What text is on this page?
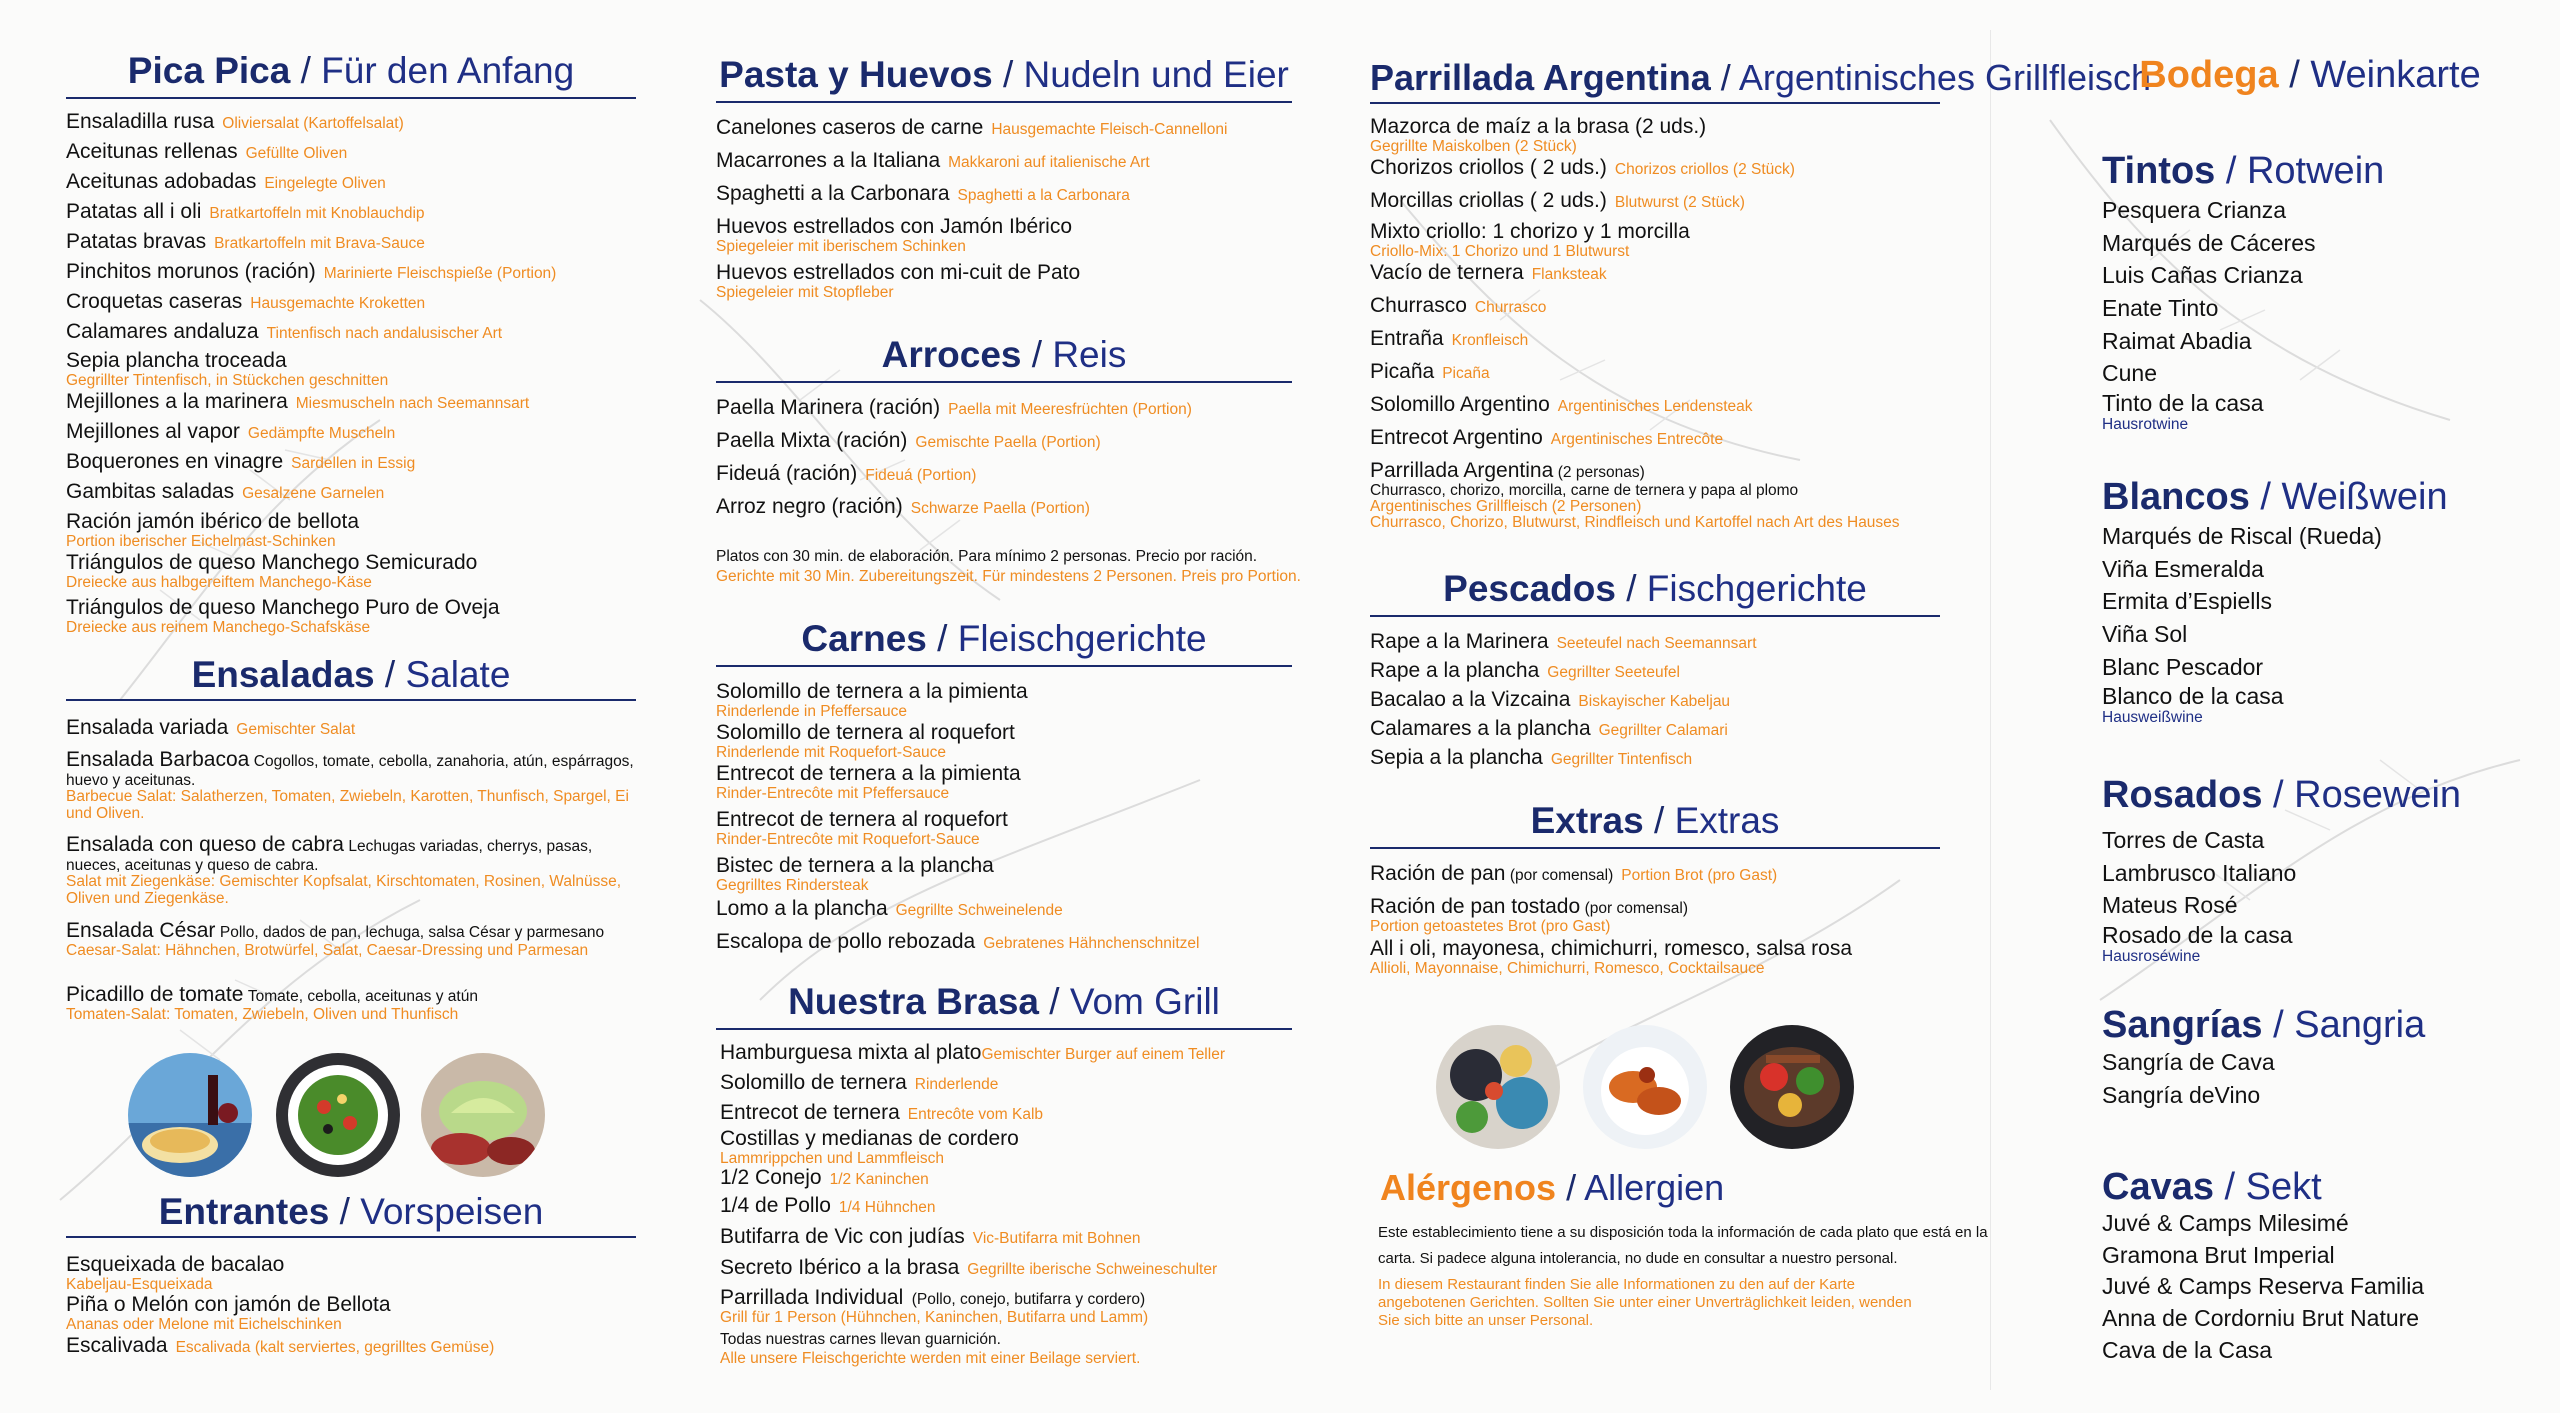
Pica Pica / Für den Anfang
Ensaladilla rusa Oliviersalat (Kartoffelsalat)
Aceitunas rellenas Gefüllte Oliven
Aceitunas adobadas Eingelegte Oliven
Patatas all i oli Bratkartoffeln mit Knoblauchdip
Patatas bravas Bratkartoffeln mit Brava-Sauce
Pinchitos morunos (ración) Marinierte Fleischspieße (Portion)
Croquetas caseras Hausgemachte Kroketten
Calamares andaluza Tintenfisch nach andalusischer Art
Sepia plancha troceada
Gegrillter Tintenfisch, in Stückchen geschnitten
Mejillones a la marinera Miesmuscheln nach Seemannsart
Mejillones al vapor Gedämpfte Muscheln
Boquerones en vinagre Sardellen in Essig
Gambitas saladas Gesalzene Garnelen
Ración jamón ibérico de bellota
Portion iberischer Eichelmast-Schinken
Triángulos de queso Manchego Semicurado
Dreiecke aus halbgereiftem Manchego-Käse
Triángulos de queso Manchego Puro de Oveja
Dreiecke aus reinem Manchego-Schafskäse
Ensaladas / Salate
Ensalada variada Gemischter Salat
Ensalada Barbacoa Cogollos, tomate, cebolla, zanahoria, atún, espárragos, huevo y aceitunas.
Barbecue Salat: Salatherzen, Tomaten, Zwiebeln, Karotten, Thunfisch, Spargel, Ei und Oliven.
Ensalada con queso de cabra Lechugas variadas, cherrys, pasas, nueces, aceitunas y queso de cabra.
Salat mit Ziegenkäse: Gemischter Kopfsalat, Kirschtomaten, Rosinen, Walnüsse, Oliven und Ziegenkäse.
Ensalada César Pollo, dados de pan, lechuga, salsa César y parmesano
Caesar-Salat: Hähnchen, Brotwürfel, Salat, Caesar-Dressing und Parmesan
Picadillo de tomate Tomate, cebolla, aceitunas y atún
Tomaten-Salat: Tomaten, Zwiebeln, Oliven und Thunfisch
Entrantes / Vorspeisen
Esqueixada de bacalao
Kabeljau-Esqueixada
Piña o Melón con jamón de Bellota
Ananas oder Melone mit Eichelschinken
Escalivada Escalivada (kalt serviertes, gegrilltes Gemüse)
Pasta y Huevos / Nudeln und Eier
Canelones caseros de carne Hausgemachte Fleisch-Cannelloni
Macarrones a la Italiana Makkaroni auf italienische Art
Spaghetti a la Carbonara Spaghetti a la Carbonara
Huevos estrellados con Jamón Ibérico
Spiegeleier mit iberischem Schinken
Huevos estrellados con mi-cuit de Pato
Spiegeleier mit Stopfleber
Arroces / Reis
Paella Marinera (ración) Paella mit Meeresfrüchten (Portion)
Paella Mixta (ración) Gemischte Paella (Portion)
Fideuá (ración) Fideuá (Portion)
Arroz negro (ración) Schwarze Paella (Portion)
Platos con 30 min. de elaboración. Para mínimo 2 personas. Precio por ración.
Gerichte mit 30 Min. Zubereitungszeit. Für mindestens 2 Personen. Preis pro Portion.
Carnes / Fleischgerichte
Solomillo de ternera a la pimienta
Rinderlende in Pfeffersauce
Solomillo de ternera al roquefort
Rinderlende mit Roquefort-Sauce
Entrecot de ternera a la pimienta
Rinder-Entrecôte mit Pfeffersauce
Entrecot de ternera al roquefort
Rinder-Entrecôte mit Roquefort-Sauce
Bistec de ternera a la plancha
Gegrilltes Rindersteak
Lomo a la plancha Gegrillte Schweinelende
Escalopa de pollo rebozada Gebratenes Hähnchenschnitzel
Nuestra Brasa / Vom Grill
Hamburguesa mixta al platoGemischter Burger auf einem Teller
Solomillo de ternera Rinderlende
Entrecot de ternera Entrecôte vom Kalb
Costillas y medianas de cordero
Lammrippchen und Lammfleisch
1/2 Conejo 1/2 Kaninchen
1/4 de Pollo 1/4 Hühnchen
Butifarra de Vic con judías Vic-Butifarra mit Bohnen
Secreto Ibérico a la brasa Gegrillte iberische Schweineschulter
Parrillada Individual (Pollo, conejo, butifarra y cordero)
Grill für 1 Person (Hühnchen, Kaninchen, Butifarra und Lamm)
Todas nuestras carnes llevan guarnición.
Alle unsere Fleischgerichte werden mit einer Beilage serviert.
Parrillada Argentina / Argentinisches Grillfleisch
Mazorca de maíz a la brasa (2 uds.)
Gegrillte Maiskolben (2 Stück)
Chorizos criollos ( 2 uds.) Chorizos criollos (2 Stück)
Morcillas criollas ( 2 uds.) Blutwurst (2 Stück)
Mixto criollo: 1 chorizo y 1 morcilla
Criollo-Mix: 1 Chorizo und 1 Blutwurst
Vacío de ternera Flanksteak
Churrasco Churrasco
Entraña Kronfleisch
Picaña Picaña
Solomillo Argentino Argentinisches Lendensteak
Entrecot Argentino Argentinisches Entrecôte
Parrillada Argentina (2 personas)
Churrasco, chorizo, morcilla, carne de ternera y papa al plomo
Argentinisches Grillfleisch (2 Personen)
Churrasco, Chorizo, Blutwurst, Rindfleisch und Kartoffel nach Art des Hauses
Pescados / Fischgerichte
Rape a la Marinera Seeteufel nach Seemannsart
Rape a la plancha Gegrillter Seeteufel
Bacalao a la Vizcaina Biskayischer Kabeljau
Calamares a la plancha Gegrillter Calamari
Sepia a la plancha Gegrillter Tintenfisch
Extras / Extras
Ración de pan (por comensal) Portion Brot (pro Gast)
Ración de pan tostado (por comensal)
Portion getoastetes Brot (pro Gast)
All i oli, mayonesa, chimichurri, romesco, salsa rosa
Allioli, Mayonnaise, Chimichurri, Romesco, Cocktailsauce
Alérgenos / Allergien
Este establecimiento tiene a su disposición toda la información de cada plato que está en la carta. Si padece alguna intolerancia, no dude en consultar a nuestro personal.
In diesem Restaurant finden Sie alle Informationen zu den auf der Karte angebotenen Gerichten. Sollten Sie unter einer Unverträglichkeit leiden, wenden Sie sich bitte an unser Personal.
Bodega / Weinkarte
Tintos / Rotwein
Pesquera Crianza
Marqués de Cáceres
Luis Cañas Crianza
Enate Tinto
Raimat Abadia
Cune
Tinto de la casa
Hausrotwine
Blancos / Weißwein
Marqués de Riscal (Rueda)
Viña Esmeralda
Ermita d’Espiells
Viña Sol
Blanc Pescador
Blanco de la casa
Hausweißwine
Rosados / Rosewein
Torres de Casta
Lambrusco Italiano
Mateus Rosé
Rosado de la casa
Hausroséwine
Sangrías / Sangria
Sangría de Cava
Sangría deVino
Cavas / Sekt
Juvé & Camps Milesimé
Gramona Brut Imperial
Juvé & Camps Reserva Familia
Anna de Cordorniu Brut Nature
Cava de la Casa
